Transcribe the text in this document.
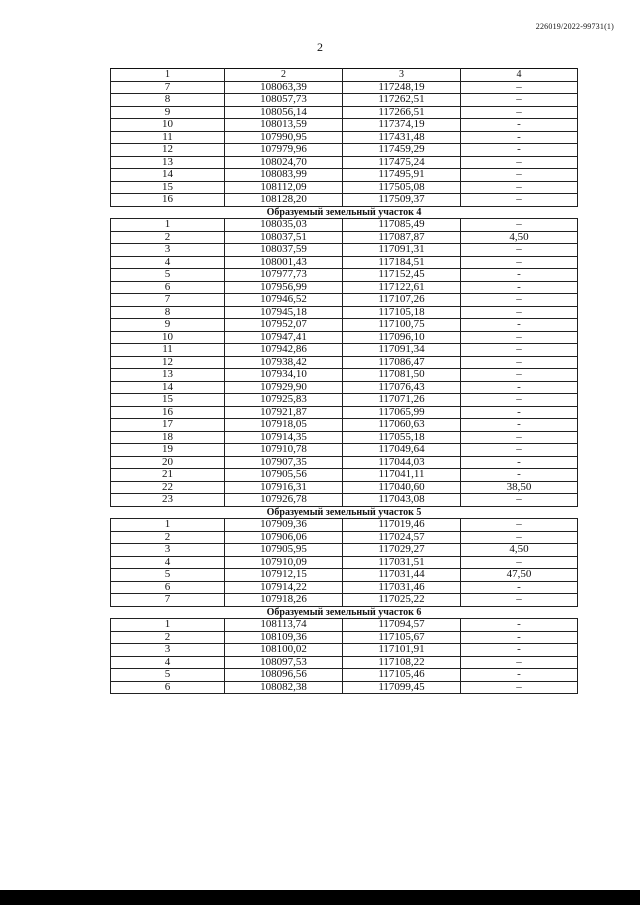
226019/2022-99731(1)
2
1	2	3	4
7	108063,39	117248,19	–
8	108057,73	117262,51	–
9	108056,14	117266,51	–
10	108013,59	117374,19	-
11	107990,95	117431,48	-
12	107979,96	117459,29	-
13	108024,70	117475,24	–
14	108083,99	117495,91	–
15	108112,09	117505,08	–
16	108128,20	117509,37	–
Образуемый земельный участок 4			
1	108035,03	117085,49	–
2	108037,51	117087,87	4,50
3	108037,59	117091,31	–
4	108001,43	117184,51	–
5	107977,73	117152,45	-
6	107956,99	117122,61	-
7	107946,52	117107,26	–
8	107945,18	117105,18	–
9	107952,07	117100,75	-
10	107947,41	117096,10	–
11	107942,86	117091,34	–
12	107938,42	117086,47	–
13	107934,10	117081,50	–
14	107929,90	117076,43	-
15	107925,83	117071,26	–
16	107921,87	117065,99	-
17	107918,05	117060,63	-
18	107914,35	117055,18	–
19	107910,78	117049,64	–
20	107907,35	117044,03	-
21	107905,56	117041,11	-
22	107916,31	117040,60	38,50
23	107926,78	117043,08	–
Образуемый земельный участок 5			
1	107909,36	117019,46	–
2	107906,06	117024,57	–
3	107905,95	117029,27	4,50
4	107910,09	117031,51	–
5	107912,15	117031,44	47,50
6	107914,22	117031,46	-
7	107918,26	117025,22	–
Образуемый земельный участок 6			
1	108113,74	117094,57	-
2	108109,36	117105,67	-
3	108100,02	117101,91	-
4	108097,53	117108,22	–
5	108096,56	117105,46	-
6	108082,38	117099,45	–
